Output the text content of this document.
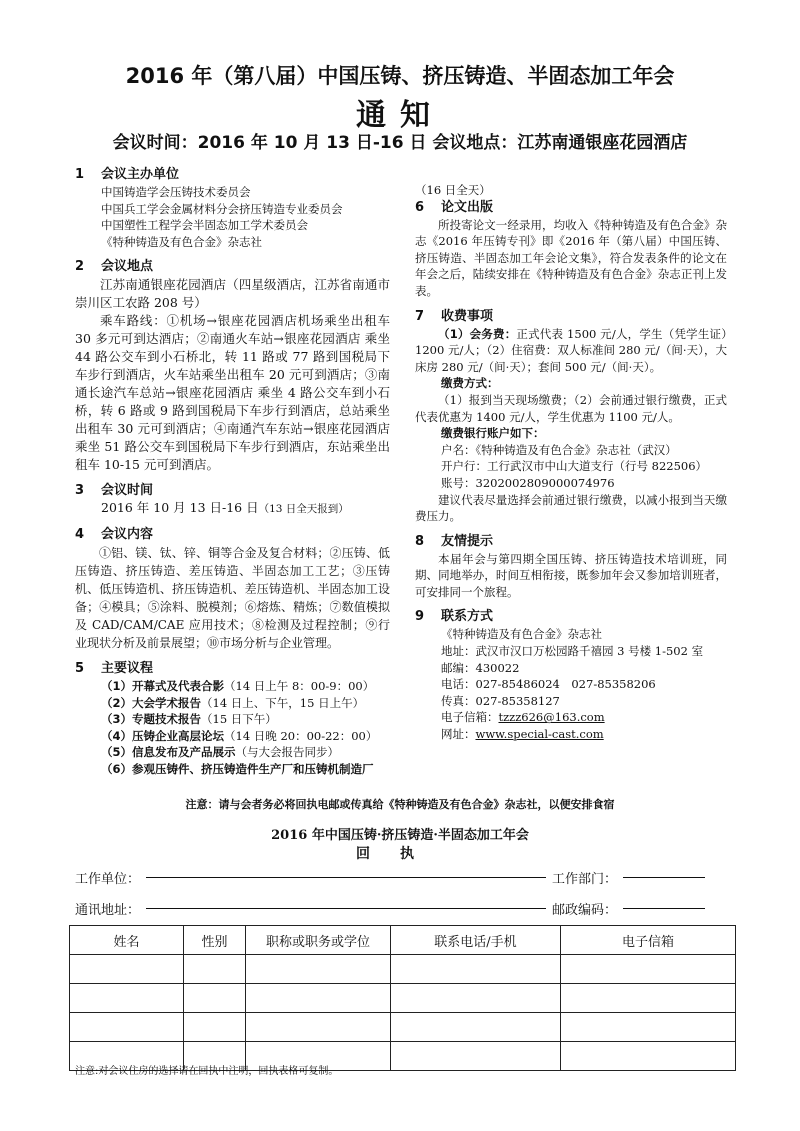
2016 年（第八届）中国压铸、挤压铸造、半固态加工年会
通知
会议时间：2016 年 10 月 13 日-16 日 会议地点：江苏南通银座花园酒店
1 会议主办单位
中国铸造学会压铸技术委员会
中国兵工学会金属材料分会挤压铸造专业委员会
中国塑性工程学会半固态加工学术委员会
《特种铸造及有色合金》杂志社
2 会议地点
江苏南通银座花园酒店（四星级酒店，江苏省南通市崇川区工农路 208 号）
乘车路线：①机场→银座花园酒店机场乘坐出租车 30 多元可到达酒店；②南通火车站→银座花园酒店 乘坐 44 路公交车到小石桥北，转 11 路或 77 路到国税局下车步行到酒店，火车站乘坐出租车 20 元可到酒店；③南通长途汽车总站→银座花园酒店 乘坐 4 路公交车到小石桥，转 6 路或 9 路到国税局下车步行到酒店，总站乘坐出租车 30 元可到酒店；④南通汽车东站→银座花园酒店乘坐 51 路公交车到国税局下车步行到酒店，东站乘坐出租车 10-15 元可到酒店。
3 会议时间
2016 年 10 月 13 日-16 日（13 日全天报到）
4 会议内容
①铝、镁、钛、锌、铜等合金及复合材料；②压铸、低压铸造、挤压铸造、差压铸造、半固态加工工艺；③压铸机、低压铸造机、挤压铸造机、差压铸造机、半固态加工设备；④模具；⑤涂料、脱模剂；⑥熔炼、精炼；⑦数值模拟及 CAD/CAM/CAE 应用技术；⑧检测及过程控制；⑨行业现状分析及前景展望；⑩市场分析与企业管理。
5 主要议程
（1）开幕式及代表合影（14 日上午 8：00-9：00）
（2）大会学术报告（14 日上、下午，15 日上午）
（3）专题技术报告（15 日下午）
（4）压铸企业高层论坛（14 日晚 20：00-22：00）
（5）信息发布及产品展示（与大会报告同步）
（6）参观压铸件、挤压铸造件生产厂和压铸机制造厂
（16 日全天）
6 论文出版
所投寄论文一经录用，均收入《特种铸造及有色合金》杂志《2016 年压铸专刊》即《2016 年（第八届）中国压铸、挤压铸造、半固态加工年会论文集》，符合发表条件的论文在年会之后，陆续安排在《特种铸造及有色合金》杂志正刊上发表。
7 收费事项
（1）会务费：正式代表 1500 元/人，学生（凭学生证）1200 元/人；（2）住宿费：双人标准间 280 元/（间·天），大床房 280 元/（间·天）；套间 500 元/（间·天）。
缴费方式：
（1）报到当天现场缴费；（2）会前通过银行缴费，正式代表优惠为 1400 元/人，学生优惠为 1100 元/人。
缴费银行账户如下：
户名：《特种铸造及有色合金》杂志社（武汉）
开户行：工行武汉市中山大道支行（行号 822506）
账号：3202002809000074976
建议代表尽量选择会前通过银行缴费，以减小报到当天缴费压力。
8 友情提示
本届年会与第四期全国压铸、挤压铸造技术培训班，同期、同地举办，时间互相衔接，既参加年会又参加培训班者，可安排同一个旅程。
9 联系方式
《特种铸造及有色合金》杂志社
地址：武汉市汉口万松园路千禧园 3 号楼 1-502 室
邮编：430022
电话：027-85486024　027-85358206
传真：027-85358127
电子信箱：tzzz626@163.com
网址：www.special-cast.com
注意：请与会者务必将回执电邮或传真给《特种铸造及有色合金》杂志社，以便安排食宿
2016 年中国压铸·挤压铸造·半固态加工年会
回执
工作单位：	工作部门：
通讯地址：	邮政编码：
姓名	性别	职称或职务或学位	联系电话/手机	电子信箱

注意:对会议住房的选择请在回执中注明，回执表格可复制。
